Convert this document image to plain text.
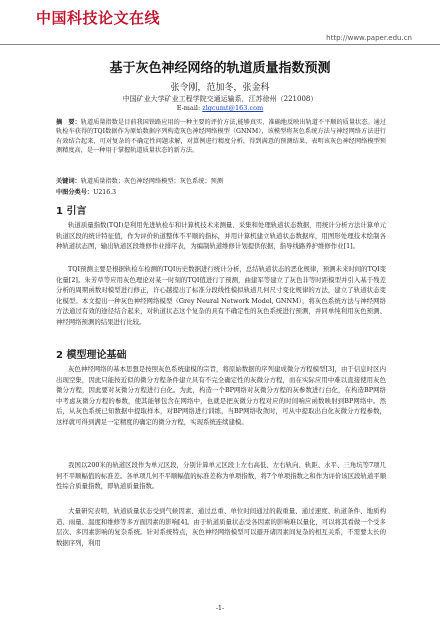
中国科技论文在线
http://www.paper.edu.cn
基于灰色神经网络的轨道质量指数预测
张令刚，范加冬，张金科
中国矿业大学矿业工程学院交通运输系，江苏徐州（221008）
E-mail: zlgcumt@163.com
摘　要：轨道质量指数是目前我国铁路应用的一种主要的评价方法,能够真实、准确地反映出轨道不平顺的质量状态。通过轨检车获得的TQI数据作为原始数据序列构造灰色神经网络模型（GNNM），该模型将灰色系统方法与神经网络方法进行有效结合起来，可对复杂的不确定性问题求解，对算例进行精度分析，得到满意的预测结果，表明该灰色神经网络模型预测精度高，是一种用于掌握轨道质量状态的新方法。
关键词：轨道质量指数；灰色神经网络模型；灰色系统；预测
中图分类号：U216.3
1 引言
轨道质量指数(TQI)是利用先进轨检车和计算机技术来测量、采集和处理轨道状态数据，用统计分析方法计算单元轨道区段的统计特征值，作为评价轨道整体不平顺的指标，并用计算机建立轨道状态数据库，用图形处理技术绘制各种轨道状态图，输出轨道区段维修作业排序表，为编制轨道维修计划提供依据，指导线路养护维修作业[1]。
TQI预测主要是根据轨检车检测的TQI历史数据进行统计分析，总结轨道状态的恶化规律，预测未来时间的TQI变化量[2]。朱芳草等应用灰色理论对某一时刻的TQI值进行了预测，曲建军等建立了灰色非等时距模型并引入基于残差分析的周期函数对模型进行修正，许心越提出了标准分段线性模拟轨道几何尺寸变化规律的方法，建立了轨道状态变化模型。本文提出一种灰色神经网络模型（Grey Neural Network Model, GNNM），将灰色系统方法与神经网络方法通过有效的途径结合起来，对轨道状态这个复杂的具有不确定性的灰色系统进行预测，并同单纯利用灰色预测、神经网络预测的结果进行比较。
2 模型理论基础
灰色神经网络的基本思想是按照灰色系统建模的宗旨，将原始数据的序列建成微分方程模型[3]，由于信息时区内出现空集，因此只能按近似的微分方程条件建立具有不完全确定性的灰微分方程，而在实际应用中难以直接使用灰色微分方程，因此要对灰微分方程进行白化。为此，构造一个BP网络对灰微分方程的灰参数进行白化，在构造BP网络中考虑灰微分方程的参数，使其能够包含在网络中，也就是把灰微分方程对应的时间响应函数映射到BP网络中。然后，从灰色系统已知数据中提取样本，对BP网络进行训练，当BP网络收敛时，可从中提取出白化灰微分方程参数，这样就可得到满足一定精度的确定的微分方程，实现系统连续建模。
我国以200米的轨道区段作为单元区段，分别计算单元区段上左右高低、左右轨向、轨距、水平、三角坑等7项几何不平顺幅值的标准差。各单项几何不平顺幅值的标准差称为单项指数，将7个单项指数之和作为评价该区段轨道平顺性综合质量指数，即轨道质量指数。
大量研究表明，轨道质量状态受到气候因素、通过总重、单位时间通过的载重量、通过速度、轨道条件、地质构造、雨量、温度和维修等多方面因素的影响[4]。由于轨道质量状态受各因素的影响难以量化，可以将其看做一个受多层次、多因素影响的复杂系统。针对系统特点，灰色神经网络模型可以避开诸因素间复杂的相互关系，不需要太长的数据序列，利用
-1-
